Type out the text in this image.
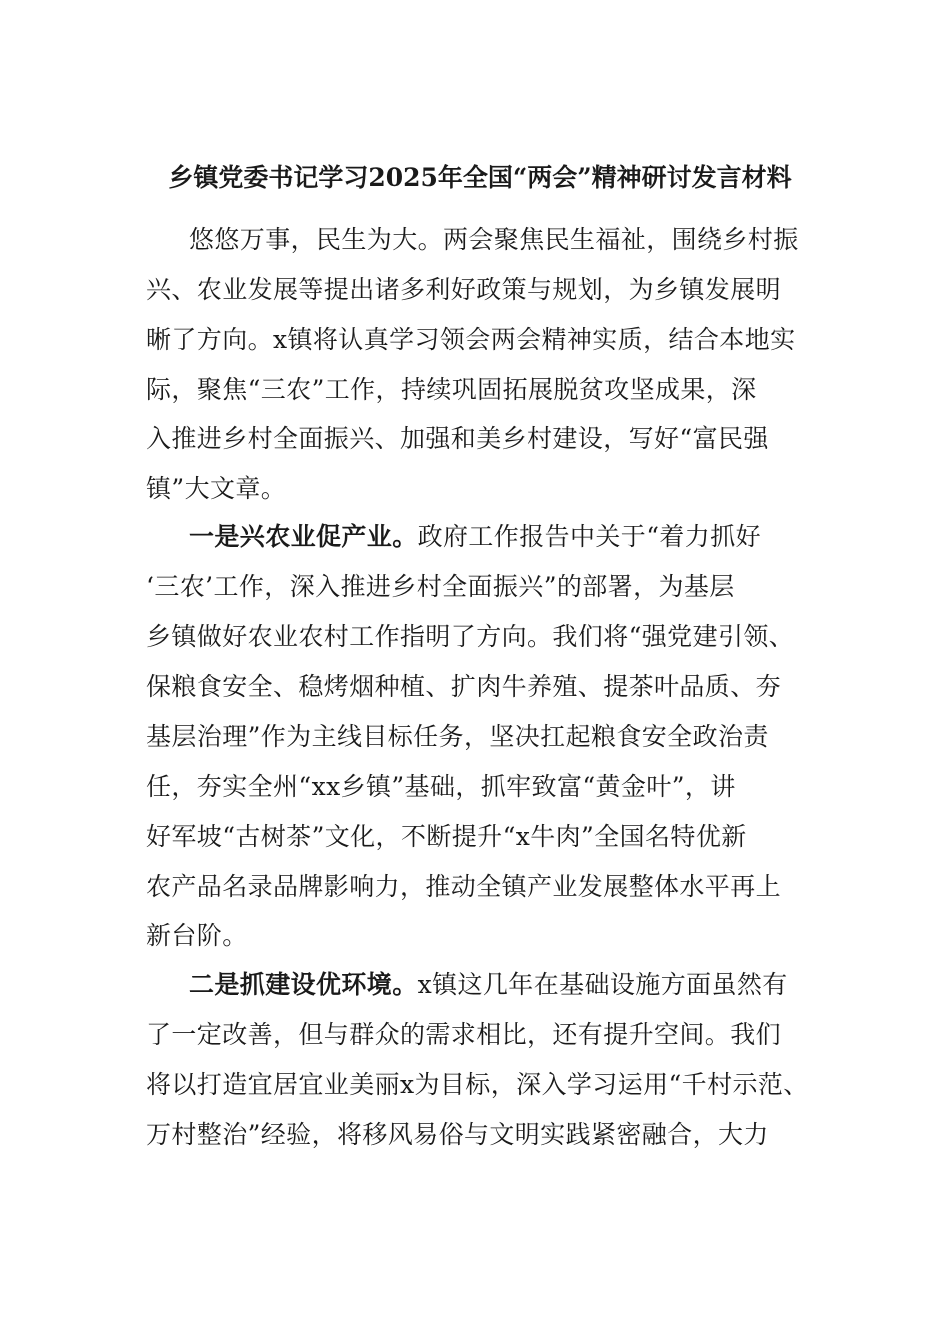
乡镇党委书记学习2025年全国“两会”精神研讨发言材料
悠悠万事，民生为大。两会聚焦民生福祉，围绕乡村振
兴、农业发展等提出诸多利好政策与规划，为乡镇发展明
晰了方向。x镇将认真学习领会两会精神实质，结合本地实
际，聚焦“三农”工作，持续巩固拓展脱贫攻坚成果，深
入推进乡村全面振兴、加强和美乡村建设，写好“富民强
镇”大文章。
一是兴农业促产业。政府工作报告中关于“着力抓好
‘三农’工作，深入推进乡村全面振兴”的部署，为基层
乡镇做好农业农村工作指明了方向。我们将“强党建引领、
保粮食安全、稳烤烟种植、扩肉牛养殖、提茶叶品质、夯
基层治理”作为主线目标任务，坚决扛起粮食安全政治责
任，夯实全州“xx乡镇”基础，抓牢致富“黄金叶”，讲
好军坡“古树茶”文化，不断提升“x牛肉”全国名特优新
农产品名录品牌影响力，推动全镇产业发展整体水平再上
新台阶。
二是抓建设优环境。x镇这几年在基础设施方面虽然有
了一定改善，但与群众的需求相比，还有提升空间。我们
将以打造宜居宜业美丽x为目标，深入学习运用“千村示范、
万村整治”经验，将移风易俗与文明实践紧密融合，大力
